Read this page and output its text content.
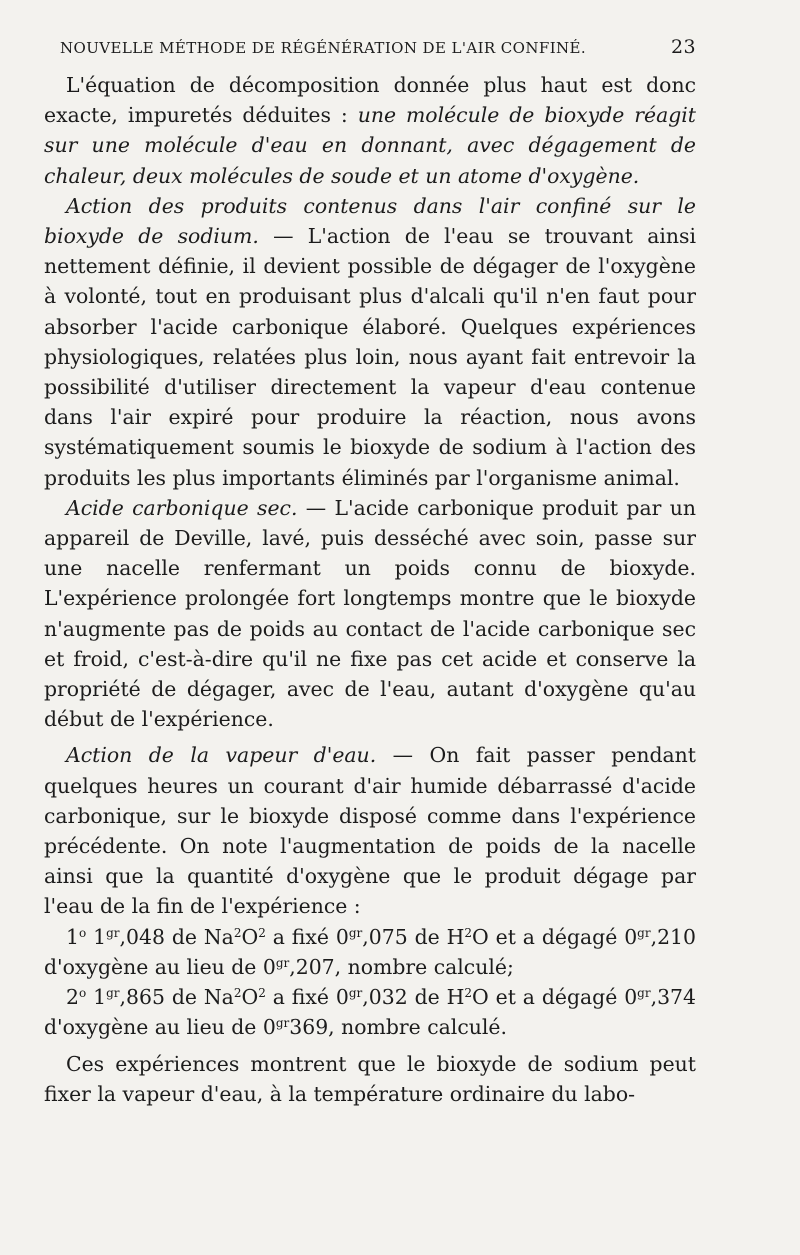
NOUVELLE MÉTHODE DE RÉGÉNÉRATION DE L'AIR CONFINÉ.	23

L'équation de décomposition donnée plus haut est donc exacte, impuretés déduites : une molécule de bioxyde réagit sur une molécule d'eau en donnant, avec dégagement de chaleur, deux molécules de soude et un atome d'oxygène.

Action des produits contenus dans l'air confiné sur le bioxyde de sodium. — L'action de l'eau se trouvant ainsi nettement définie, il devient possible de dégager de l'oxygène à volonté, tout en produisant plus d'alcali qu'il n'en faut pour absorber l'acide carbonique élaboré. Quelques expériences physiologiques, relatées plus loin, nous ayant fait entrevoir la possibilité d'utiliser directement la vapeur d'eau contenue dans l'air expiré pour produire la réaction, nous avons systématiquement soumis le bioxyde de sodium à l'action des produits les plus importants éliminés par l'organisme animal.

Acide carbonique sec. — L'acide carbonique produit par un appareil de Deville, lavé, puis desséché avec soin, passe sur une nacelle renfermant un poids connu de bioxyde. L'expérience prolongée fort longtemps montre que le bioxyde n'augmente pas de poids au contact de l'acide carbonique sec et froid, c'est-à-dire qu'il ne fixe pas cet acide et conserve la propriété de dégager, avec de l'eau, autant d'oxygène qu'au début de l'expérience.

Action de la vapeur d'eau. — On fait passer pendant quelques heures un courant d'air humide débarrassé d'acide carbonique, sur le bioxyde disposé comme dans l'expérience précédente. On note l'augmentation de poids de la nacelle ainsi que la quantité d'oxygène que le produit dégage par l'eau de la fin de l'expérience :

1$^o$ $1^{gr},048$ de $Na^2O^2$ a fixé $0^{gr},075$ de $H^2O$ et a dégagé $0^{gr},210$ d'oxygène au lieu de $0^{gr},207$, nombre calculé;

2$^o$ $1^{gr},865$ de $Na^2O^2$ a fixé $0^{gr},032$ de $H^2O$ et a dégagé $0^{gr},374$ d'oxygène au lieu de $0^{gr}369$, nombre calculé.

Ces expériences montrent que le bioxyde de sodium peut fixer la vapeur d'eau, à la température ordinaire du labo-
